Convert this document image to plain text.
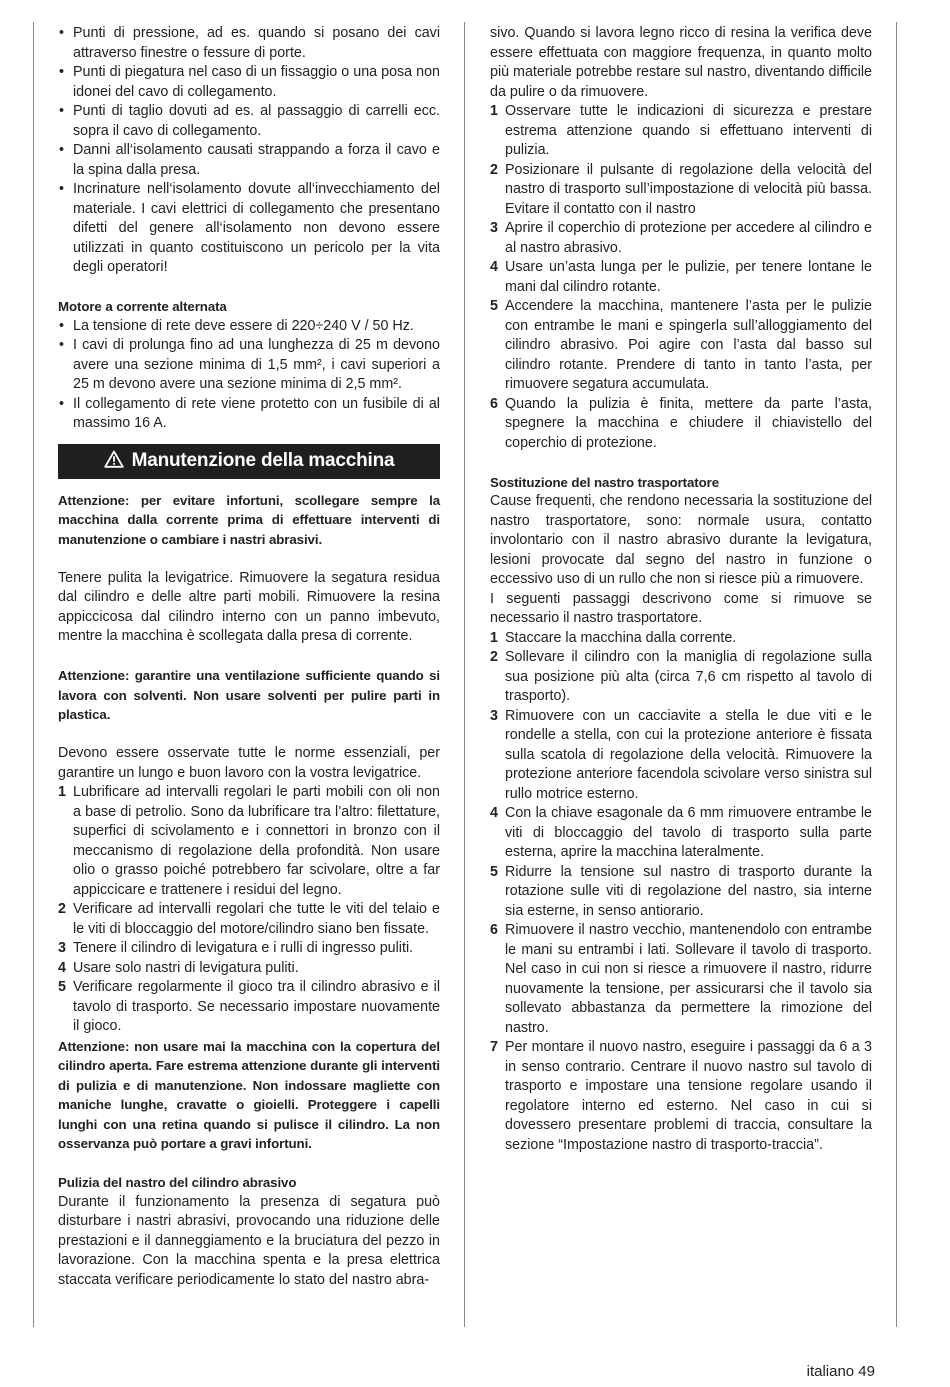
• Punti di pressione, ad es. quando si posano dei cavi attraverso finestre o fessure di porte.
• Punti di piegatura nel caso di un fissaggio o una posa non idonei del cavo di collegamento.
• Punti di taglio dovuti ad es. al passaggio di carrelli ecc. sopra il cavo di collegamento.
• Danni all‘isolamento causati strappando a forza il cavo e la spina dalla presa.
• Incrinature nell‘isolamento dovute all‘invecchiamento del materiale. I cavi elettrici di collegamento che presentano difetti del genere all‘isolamento non devono essere utilizzati in quanto costituiscono un pericolo per la vita degli operatori!

Motore a corrente alternata

• La tensione di rete deve essere di 220÷240 V / 50 Hz.
• I cavi di prolunga fino ad una lunghezza di 25 m devono avere una sezione minima di 1,5 mm², i cavi superiori a 25 m devono avere una sezione minima di 2,5 mm².
• Il collegamento di rete viene protetto con un fusibile di al massimo 16 A.
Manutenzione della macchina

Attenzione: per evitare infortuni, scollegare sempre la macchina dalla corrente prima di effettuare interventi di manutenzione o cambiare i nastri abrasivi.

Tenere pulita la levigatrice. Rimuovere la segatura residua dal cilindro e delle altre parti mobili. Rimuovere la resina appiccicosa dal cilindro interno con un panno imbevuto, mentre la macchina è scollegata dalla presa di corrente.

Attenzione: garantire una ventilazione sufficiente quando si lavora con solventi. Non usare solventi per pulire parti in plastica.

Devono essere osservate tutte le norme essenziali, per garantire un lungo e buon lavoro con la vostra levigatrice.

1 Lubrificare ad intervalli regolari le parti mobili con oli non a base di petrolio. Sono da lubrificare tra l’altro: filettature, superfici di scivolamento e i connettori in bronzo con il meccanismo di regolazione della profondità. Non usare olio o grasso poiché potrebbero far scivolare, oltre a far appiccicare e trattenere i residui del legno.
2 Verificare ad intervalli regolari che tutte le viti del telaio e le viti di bloccaggio del motore/cilindro siano ben fissate.
3 Tenere il cilindro di levigatura e i rulli di ingresso puliti.
4 Usare solo nastri di levigatura puliti.
5 Verificare regolarmente il gioco tra il cilindro abrasivo e il tavolo di trasporto. Se necessario impostare nuovamente il gioco.

Attenzione: non usare mai la macchina con la copertura del cilindro aperta. Fare estrema attenzione durante gli interventi di pulizia e di manutenzione. Non indossare magliette con maniche lunghe, cravatte o gioielli. Proteggere i capelli lunghi con una retina quando si pulisce il cilindro. La non osservanza può portare a gravi infortuni.

Pulizia del nastro del cilindro abrasivo

Durante il funzionamento la presenza di segatura può disturbare i nastri abrasivi, provocando una riduzione delle prestazioni e il danneggiamento e la bruciatura del pezzo in lavorazione. Con la macchina spenta e la presa elettrica staccata verificare periodicamente lo stato del nastro abra-

sivo. Quando si lavora legno ricco di resina la verifica deve essere effettuata con maggiore frequenza, in quanto molto più materiale potrebbe restare sul nastro, diventando difficile da pulire o da rimuovere.

1 Osservare tutte le indicazioni di sicurezza e prestare estrema attenzione quando si effettuano interventi di pulizia.
2 Posizionare il pulsante di regolazione della velocità del nastro di trasporto sull’impostazione di velocità più bassa. Evitare il contatto con il nastro
3 Aprire il coperchio di protezione per accedere al cilindro e al nastro abrasivo.
4 Usare un’asta lunga per le pulizie, per tenere lontane le mani dal cilindro rotante.
5 Accendere la macchina, mantenere l’asta per le pulizie con entrambe le mani e spingerla sull’alloggiamento del cilindro abrasivo. Poi agire con l’asta dal basso sul cilindro rotante. Prendere di tanto in tanto l’asta, per rimuovere segatura accumulata.
6 Quando la pulizia è finita, mettere da parte l’asta, spegnere la macchina e chiudere il chiavistello del coperchio di protezione.

Sostituzione del nastro trasportatore

Cause frequenti, che rendono necessaria la sostituzione del nastro trasportatore, sono: normale usura, contatto involontario con il nastro abrasivo durante la levigatura, lesioni provocate dal segno del nastro in funzione o eccessivo uso di un rullo che non si riesce più a rimuovere.

I seguenti passaggi descrivono come si rimuove se necessario il nastro trasportatore.

1 Staccare la macchina dalla corrente.
2 Sollevare il cilindro con la maniglia di regolazione sulla sua posizione più alta (circa 7,6 cm rispetto al tavolo di trasporto).
3 Rimuovere con un cacciavite a stella le due viti e le rondelle a stella, con cui la protezione anteriore è fissata sulla scatola di regolazione della velocità. Rimuovere la protezione anteriore facendola scivolare verso sinistra sul rullo motrice esterno.
4 Con la chiave esagonale da 6 mm rimuovere entrambe le viti di bloccaggio del tavolo di trasporto sulla parte esterna, aprire la macchina lateralmente.
5 Ridurre la tensione sul nastro di trasporto durante la rotazione sulle viti di regolazione del nastro, sia interne sia esterne, in senso antiorario.
6 Rimuovere il nastro vecchio, mantenendolo con entrambe le mani su entrambi i lati. Sollevare il tavolo di trasporto. Nel caso in cui non si riesce a rimuovere il nastro, ridurre nuovamente la tensione, per assicurarsi che il tavolo sia sollevato abbastanza da permettere la rimozione del nastro.
7 Per montare il nuovo nastro, eseguire i passaggi da 6 a 3 in senso contrario. Centrare il nuovo nastro sul tavolo di trasporto e impostare una tensione regolare usando il regolatore interno ed esterno. Nel caso in cui si dovessero presentare problemi di traccia, consultare la sezione “Impostazione nastro di trasporto-traccia”.
italiano 49
